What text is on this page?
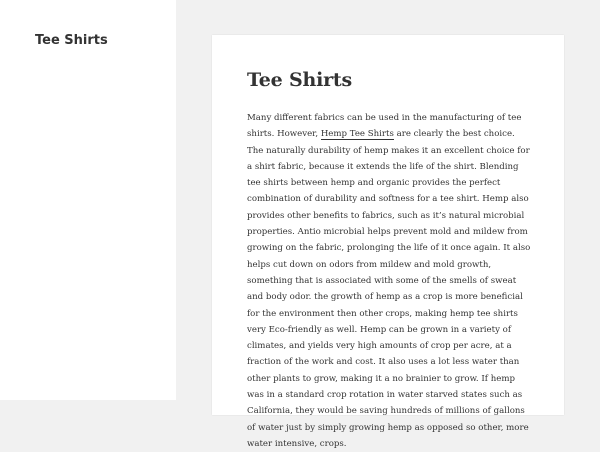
Tee Shirts
Tee Shirts

Many different fabrics can be used in the manufacturing of tee shirts. However, Hemp Tee Shirts are clearly the best choice. The naturally durability of hemp makes it an excellent choice for a shirt fabric, because it extends the life of the shirt. Blending tee shirts between hemp and organic provides the perfect combination of durability and softness for a tee shirt. Hemp also provides other benefits to fabrics, such as it’s natural microbial properties. Antio microbial helps prevent mold and mildew from growing on the fabric, prolonging the life of it once again. It also helps cut down on odors from mildew and mold growth, something that is associated with some of the smells of sweat and body odor. the growth of hemp as a crop is more beneficial for the environment then other crops, making hemp tee shirts very Eco-friendly as well. Hemp can be grown in a variety of climates, and yields very high amounts of crop per acre, at a fraction of the work and cost. It also uses a lot less water than other plants to grow, making it a no brainier to grow. If hemp was in a standard crop rotation in water starved states such as California, they would be saving hundreds of millions of gallons of water just by simply growing hemp as opposed so other, more water intensive, crops.
